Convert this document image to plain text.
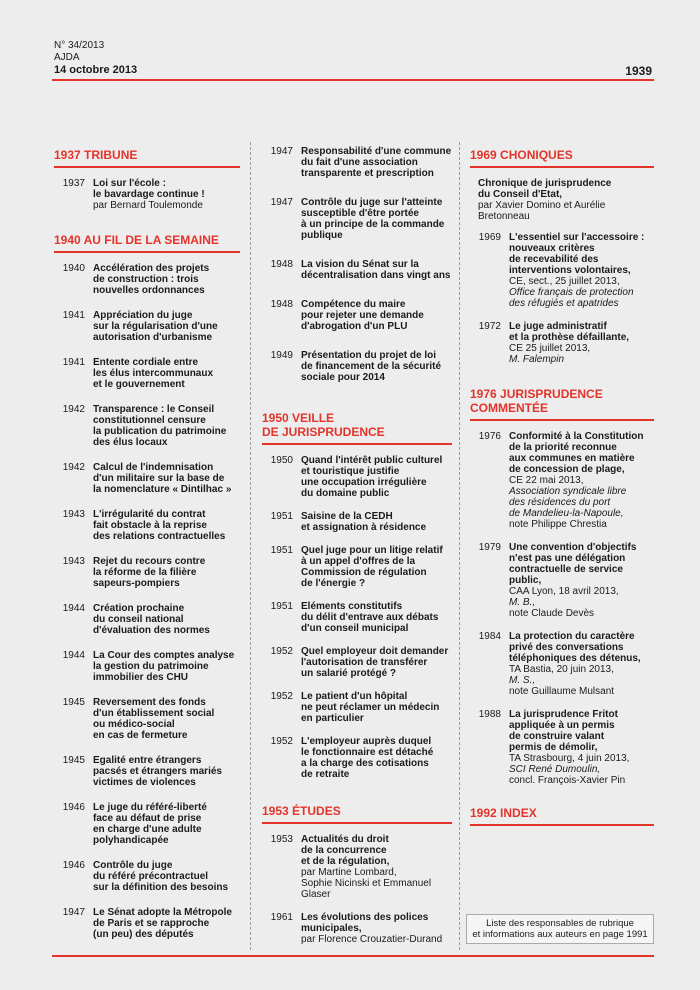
N° 34/2013
AJDA
14 octobre 2013	1939
1937 TRIBUNE
1937 Loi sur l'école :
le bavardage continue !
par Bernard Toulemonde
1940 AU FIL DE LA SEMAINE
1940 Accélération des projets
de construction : trois
nouvelles ordonnances
1941 Appréciation du juge
sur la régularisation d'une
autorisation d'urbanisme
1941 Entente cordiale entre
les élus intercommunaux
et le gouvernement
1942 Transparence : le Conseil
constitutionnel censure
la publication du patrimoine
des élus locaux
1942 Calcul de l'indemnisation
d'un militaire sur la base de
la nomenclature « Dintilhac »
1943 L'irrégularité du contrat
fait obstacle à la reprise
des relations contractuelles
1943 Rejet du recours contre
la réforme de la filière
sapeurs-pompiers
1944 Création prochaine
du conseil national
d'évaluation des normes
1944 La Cour des comptes analyse
la gestion du patrimoine
immobilier des CHU
1945 Reversement des fonds
d'un établissement social
ou médico-social
en cas de fermeture
1945 Egalité entre étrangers
pacsés et étrangers mariés
victimes de violences
1946 Le juge du référé-liberté
face au défaut de prise
en charge d'une adulte
polyhandicapée
1946 Contrôle du juge
du référé précontractuel
sur la définition des besoins
1947 Le Sénat adopte la Métropole
de Paris et se rapproche
(un peu) des députés
1947 Responsabilité d'une commune
du fait d'une association
transparente et prescription
1947 Contrôle du juge sur l'atteinte
susceptible d'être portée
à un principe de la commande
publique
1948 La vision du Sénat sur la
décentralisation dans vingt ans
1948 Compétence du maire
pour rejeter une demande
d'abrogation d'un PLU
1949 Présentation du projet de loi
de financement de la sécurité
sociale pour 2014
1950 VEILLE
DE JURISPRUDENCE
1950 Quand l'intérêt public culturel
et touristique justifie
une occupation irrégulière
du domaine public
1951 Saisine de la CEDH
et assignation à résidence
1951 Quel juge pour un litige relatif
à un appel d'offres de la
Commission de régulation
de l'énergie ?
1951 Eléments constitutifs
du délit d'entrave aux débats
d'un conseil municipal
1952 Quel employeur doit demander
l'autorisation de transférer
un salarié protégé ?
1952 Le patient d'un hôpital
ne peut réclamer un médecin
en particulier
1952 L'employeur auprès duquel
le fonctionnaire est détaché
a la charge des cotisations
de retraite
1953 ÉTUDES
1953 Actualités du droit
de la concurrence
et de la régulation,
par Martine Lombard,
Sophie Nicinski et Emmanuel Glaser
1961 Les évolutions des polices
municipales,
par Florence Crouzatier-Durand
1969 CHONIQUES
Chronique de jurisprudence
du Conseil d'Etat,
par Xavier Domino et Aurélie Bretonneau
1969 L'essentiel sur l'accessoire :
nouveaux critères
de recevabilité des
interventions volontaires,
CE, sect., 25 juillet 2013,
Office français de protection
des réfugiés et apatrides
1972 Le juge administratif
et la prothèse défaillante,
CE 25 juillet 2013,
M. Falempin
1976 JURISPRUDENCE
COMMENTÉE
1976 Conformité à la Constitution
de la priorité reconnue
aux communes en matière
de concession de plage,
CE 22 mai 2013,
Association syndicale libre
des résidences du port
de Mandelieu-la-Napoule,
note Philippe Chrestia
1979 Une convention d'objectifs
n'est pas une délégation
contractuelle de service public,
CAA Lyon, 18 avril 2013,
M. B.,
note Claude Devès
1984 La protection du caractère
privé des conversations
téléphoniques des détenus,
TA Bastia, 20 juin 2013,
M. S.,
note Guillaume Mulsant
1988 La jurisprudence Fritot
appliquée à un permis
de construire valant
permis de démolir,
TA Strasbourg, 4 juin 2013,
SCI René Dumoulin,
concl. François-Xavier Pin
1992 INDEX
Liste des responsables de rubrique
et informations aux auteurs en page 1991
